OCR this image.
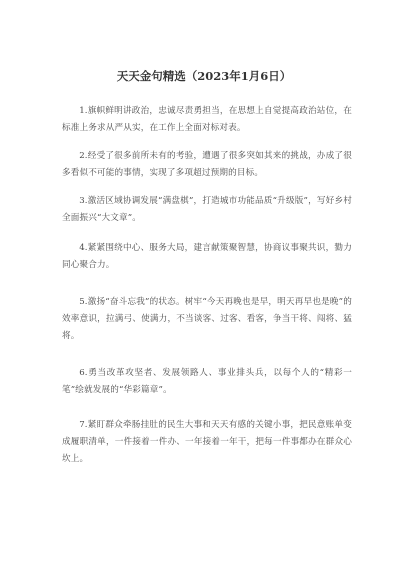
天天金句精选（2023年1月6日）

1.旗帜鲜明讲政治，忠诚尽责勇担当，在思想上自觉提高政治站位，在标准上务求从严从实，在工作上全面对标对表。

2.经受了很多前所未有的考验，遭遇了很多突如其来的挑战，办成了很多看似不可能的事情，实现了多项超过预期的目标。

3.激活区域协调发展“满盘棋”，打造城市功能品质“升级版”，写好乡村全面振兴“大文章”。

4.紧紧围绕中心、服务大局，建言献策聚智慧，协商议事聚共识，勠力同心聚合力。

5.激扬“奋斗忘我”的状态。树牢“今天再晚也是早，明天再早也是晚”的效率意识，拉满弓、使满力，不当谈客、过客、看客，争当干将、闯将、猛将。

6.勇当改革攻坚者、发展领路人、事业排头兵，以每个人的“精彩一笔”绘就发展的“华彩篇章”。

7.紧盯群众牵肠挂肚的民生大事和天天有感的关键小事，把民意账单变成履职清单，一件接着一件办、一年接着一年干，把每一件事都办在群众心坎上。
